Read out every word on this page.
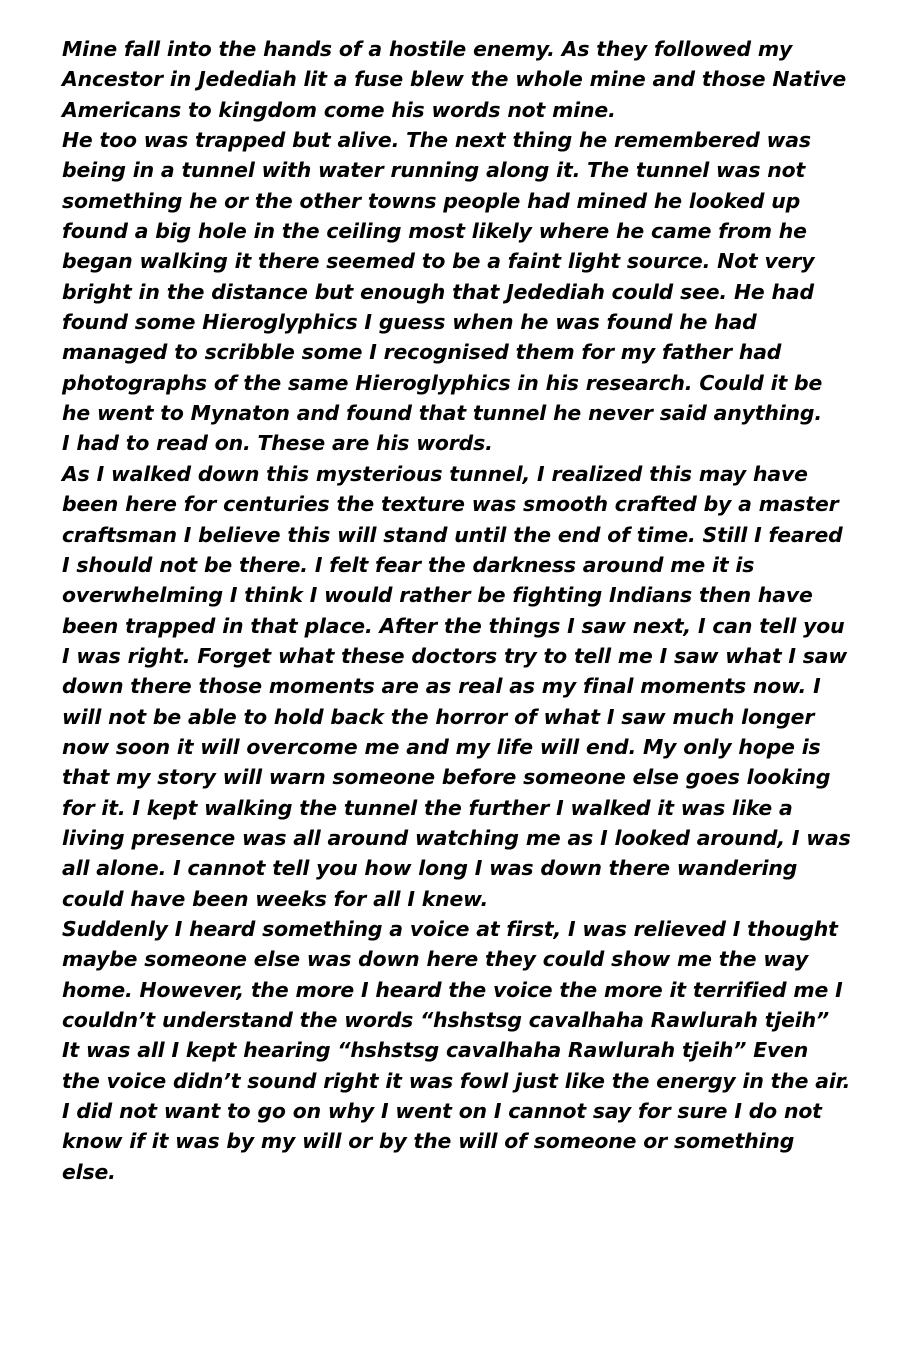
Mine fall into the hands of a hostile enemy. As they followed my Ancestor in Jedediah lit a fuse blew the whole mine and those Native Americans to kingdom come his words not mine.

He too was trapped but alive. The next thing he remembered was being in a tunnel with water running along it. The tunnel was not something he or the other towns people had mined he looked up found a big hole in the ceiling most likely where he came from he began walking it there seemed to be a faint light source. Not very bright in the distance but enough that Jedediah could see. He had found some Hieroglyphics I guess when he was found he had managed to scribble some I recognised them for my father had photographs of the same Hieroglyphics in his research. Could it be he went to Mynaton and found that tunnel he never said anything.

I had to read on. These are his words.

As I walked down this mysterious tunnel, I realized this may have been here for centuries the texture was smooth crafted by a master craftsman I believe this will stand until the end of time. Still I feared I should not be there. I felt fear the darkness around me it is overwhelming I think I would rather be fighting Indians then have been trapped in that place. After the things I saw next, I can tell you I was right. Forget what these doctors try to tell me I saw what I saw down there those moments are as real as my final moments now. I will not be able to hold back the horror of what I saw much longer now soon it will overcome me and my life will end. My only hope is that my story will warn someone before someone else goes looking for it. I kept walking the tunnel the further I walked it was like a living presence was all around watching me as I looked around, I was all alone. I cannot tell you how long I was down there wandering could have been weeks for all I knew.

Suddenly I heard something a voice at first, I was relieved I thought maybe someone else was down here they could show me the way home. However, the more I heard the voice the more it terrified me I couldn’t understand the words “hshstsg cavalhaha Rawlurah tjeih” It was all I kept hearing “hshstsg cavalhaha Rawlurah tjeih” Even the voice didn’t sound right it was fowl just like the energy in the air. I did not want to go on why I went on I cannot say for sure I do not know if it was by my will or by the will of someone or something else.
